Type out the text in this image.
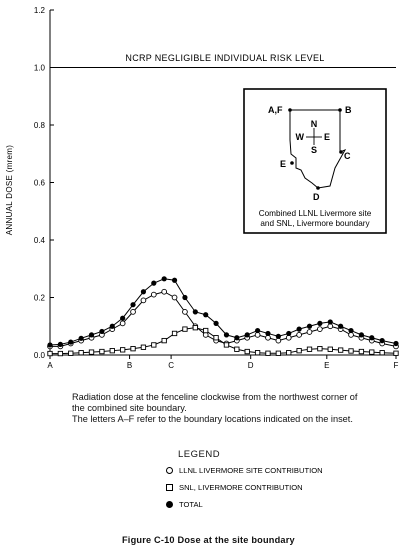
0.0
0.2
0.4
0.6
0.8
1.0
1.2
A	B	C	D	E	F
NCRP NEGLIGIBLE INDIVIDUAL RISK LEVEL
ANNUAL DOSE (mrem)
A,F	B
C
D
E
N
S
W E
Combined LLNL Livermore site
and SNL, Livermore boundary
Radiation dose at the fenceline clockwise from the northwest corner of
the combined site boundary.
The letters A–F refer to the boundary locations indicated on the inset.
LEGEND
LLNL LIVERMORE SITE CONTRIBUTION
SNL, LIVERMORE CONTRIBUTION
TOTAL
Figure C-10 Dose at the site boundary
